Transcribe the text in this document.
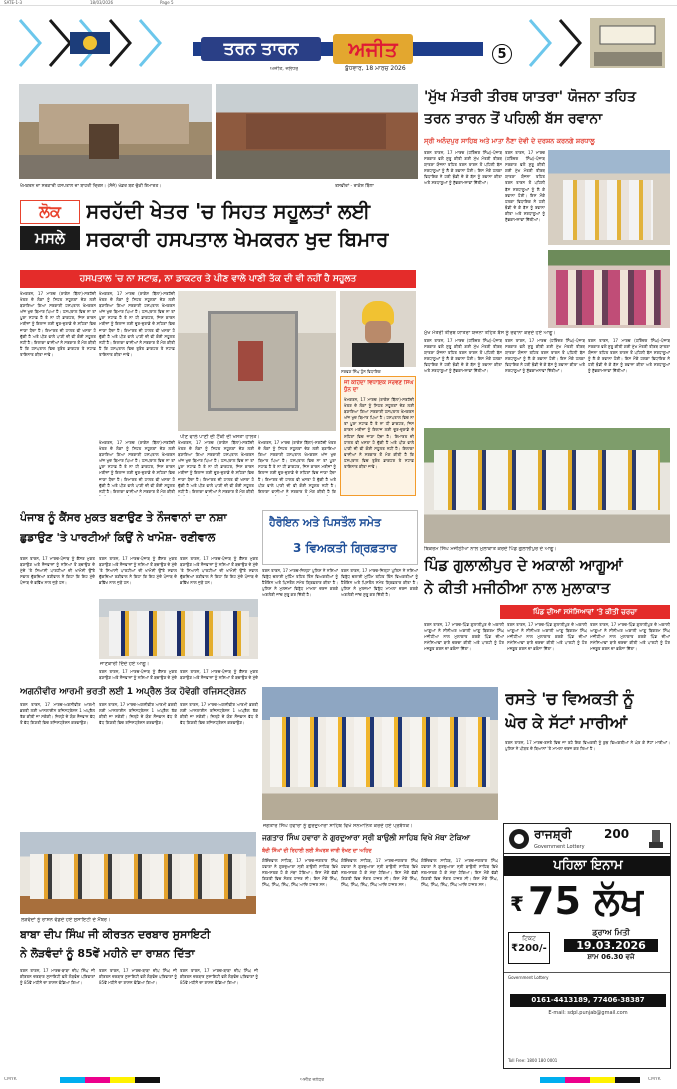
SATE-1-3	18/03/2026	Page 5
ਤਰਨ ਤਾਰਨ	ਅਜੀਤ
ਅਜੀਤ, ਜਲੰਧਰ	ਬੁੱਧਵਾਰ, 18 ਮਾਰਚ 2026
5
ਖੇਮਕਰਨ ਦਾ ਸਰਕਾਰੀ ਹਸਪਤਾਲ ਦਾ ਬਾਹਰੀ ਦ੍ਰਿਸ਼। (ਸੱਜੇ) ਖੰਡਰ ਬਣ ਚੁੱਕੀ ਇਮਾਰਤ।	ਤਸਵੀਰਾਂ - ਰਾਕੇਸ਼ ਬਿੱਲਾ
ਲੋਕ
ਮਸਲੇ
ਸਰਹੱਦੀ ਖੇਤਰ 'ਚ ਸਿਹਤ ਸਹੂਲਤਾਂ ਲਈ
ਸਰਕਾਰੀ ਹਸਪਤਾਲ ਖੇਮਕਰਨ ਖੁਦ ਬਿਮਾਰ
ਹਸਪਤਾਲ 'ਚ ਨਾ ਸਟਾਫ਼, ਨਾ ਡਾਕਟਰ ਤੇ ਪੀਣ ਵਾਲੇ ਪਾਣੀ ਤੱਕ ਦੀ ਵੀ ਨਹੀਂ ਹੈ ਸਹੂਲਤ
ਖੇਮਕਰਨ, 17 ਮਾਰਚ (ਰਾਕੇਸ਼ ਬਿੱਲਾ)-ਸਰਹੱਦੀ ਖੇਤਰ ਦੇ ਲੋਕਾਂ ਨੂੰ ਸਿਹਤ ਸਹੂਲਤਾਂ ਦੇਣ ਲਈ ਬਣਾਇਆ ਗਿਆ ਸਰਕਾਰੀ ਹਸਪਤਾਲ ਖੇਮਕਰਨ ਅੱਜ ਖੁਦ ਬਿਮਾਰ ਪਿਆ ਹੈ। ਹਸਪਤਾਲ ਵਿਚ ਨਾ ਤਾਂ ਪੂਰਾ ਸਟਾਫ਼ ਹੈ ਤੇ ਨਾ ਹੀ ਡਾਕਟਰ, ਜਿਸ ਕਾਰਨ ਮਰੀਜ਼ਾਂ ਨੂੰ ਇਲਾਜ ਲਈ ਦੂਰ-ਦੁਰਾਡੇ ਦੇ ਸ਼ਹਿਰਾਂ ਵਿਚ ਜਾਣਾ ਪੈਂਦਾ ਹੈ। ਇਮਾਰਤ ਦੀ ਹਾਲਤ ਵੀ ਖਸਤਾ ਹੋ ਚੁੱਕੀ ਹੈ ਅਤੇ ਪੀਣ ਵਾਲੇ ਪਾਣੀ ਦੀ ਵੀ ਕੋਈ ਸਹੂਲਤ ਨਹੀਂ ਹੈ। ਇਲਾਕਾ ਵਾਸੀਆਂ ਨੇ ਸਰਕਾਰ ਤੋਂ ਮੰਗ ਕੀਤੀ ਹੈ ਕਿ ਹਸਪਤਾਲ ਵਿਚ ਤੁਰੰਤ ਡਾਕਟਰ ਤੇ ਸਟਾਫ਼ ਤਾਇਨਾਤ ਕੀਤਾ ਜਾਵੇ।
ਖੇਮਕਰਨ, 17 ਮਾਰਚ (ਰਾਕੇਸ਼ ਬਿੱਲਾ)-ਸਰਹੱਦੀ ਖੇਤਰ ਦੇ ਲੋਕਾਂ ਨੂੰ ਸਿਹਤ ਸਹੂਲਤਾਂ ਦੇਣ ਲਈ ਬਣਾਇਆ ਗਿਆ ਸਰਕਾਰੀ ਹਸਪਤਾਲ ਖੇਮਕਰਨ ਅੱਜ ਖੁਦ ਬਿਮਾਰ ਪਿਆ ਹੈ। ਹਸਪਤਾਲ ਵਿਚ ਨਾ ਤਾਂ ਪੂਰਾ ਸਟਾਫ਼ ਹੈ ਤੇ ਨਾ ਹੀ ਡਾਕਟਰ, ਜਿਸ ਕਾਰਨ ਮਰੀਜ਼ਾਂ ਨੂੰ ਇਲਾਜ ਲਈ ਦੂਰ-ਦੁਰਾਡੇ ਦੇ ਸ਼ਹਿਰਾਂ ਵਿਚ ਜਾਣਾ ਪੈਂਦਾ ਹੈ। ਇਮਾਰਤ ਦੀ ਹਾਲਤ ਵੀ ਖਸਤਾ ਹੋ ਚੁੱਕੀ ਹੈ ਅਤੇ ਪੀਣ ਵਾਲੇ ਪਾਣੀ ਦੀ ਵੀ ਕੋਈ ਸਹੂਲਤ ਨਹੀਂ ਹੈ। ਇਲਾਕਾ ਵਾਸੀਆਂ ਨੇ ਸਰਕਾਰ ਤੋਂ ਮੰਗ ਕੀਤੀ ਹੈ ਕਿ ਹਸਪਤਾਲ ਵਿਚ ਤੁਰੰਤ ਡਾਕਟਰ ਤੇ ਸਟਾਫ਼ ਤਾਇਨਾਤ ਕੀਤਾ ਜਾਵੇ।
ਪੀਣ ਵਾਲੇ ਪਾਣੀ ਦੀ ਟੈਂਕੀ ਦੀ ਖਸਤਾ ਹਾਲਤ।
ਖੇਮਕਰਨ, 17 ਮਾਰਚ (ਰਾਕੇਸ਼ ਬਿੱਲਾ)-ਸਰਹੱਦੀ ਖੇਤਰ ਦੇ ਲੋਕਾਂ ਨੂੰ ਸਿਹਤ ਸਹੂਲਤਾਂ ਦੇਣ ਲਈ ਬਣਾਇਆ ਗਿਆ ਸਰਕਾਰੀ ਹਸਪਤਾਲ ਖੇਮਕਰਨ ਅੱਜ ਖੁਦ ਬਿਮਾਰ ਪਿਆ ਹੈ। ਹਸਪਤਾਲ ਵਿਚ ਨਾ ਤਾਂ ਪੂਰਾ ਸਟਾਫ਼ ਹੈ ਤੇ ਨਾ ਹੀ ਡਾਕਟਰ, ਜਿਸ ਕਾਰਨ ਮਰੀਜ਼ਾਂ ਨੂੰ ਇਲਾਜ ਲਈ ਦੂਰ-ਦੁਰਾਡੇ ਦੇ ਸ਼ਹਿਰਾਂ ਵਿਚ ਜਾਣਾ ਪੈਂਦਾ ਹੈ। ਇਮਾਰਤ ਦੀ ਹਾਲਤ ਵੀ ਖਸਤਾ ਹੋ ਚੁੱਕੀ ਹੈ ਅਤੇ ਪੀਣ ਵਾਲੇ ਪਾਣੀ ਦੀ ਵੀ ਕੋਈ ਸਹੂਲਤ ਨਹੀਂ ਹੈ। ਇਲਾਕਾ ਵਾਸੀਆਂ ਨੇ ਸਰਕਾਰ ਤੋਂ ਮੰਗ ਕੀਤੀ
ਖੇਮਕਰਨ, 17 ਮਾਰਚ (ਰਾਕੇਸ਼ ਬਿੱਲਾ)-ਸਰਹੱਦੀ ਖੇਤਰ ਦੇ ਲੋਕਾਂ ਨੂੰ ਸਿਹਤ ਸਹੂਲਤਾਂ ਦੇਣ ਲਈ ਬਣਾਇਆ ਗਿਆ ਸਰਕਾਰੀ ਹਸਪਤਾਲ ਖੇਮਕਰਨ ਅੱਜ ਖੁਦ ਬਿਮਾਰ ਪਿਆ ਹੈ। ਹਸਪਤਾਲ ਵਿਚ ਨਾ ਤਾਂ ਪੂਰਾ ਸਟਾਫ਼ ਹੈ ਤੇ ਨਾ ਹੀ ਡਾਕਟਰ, ਜਿਸ ਕਾਰਨ ਮਰੀਜ਼ਾਂ ਨੂੰ ਇਲਾਜ ਲਈ ਦੂਰ-ਦੁਰਾਡੇ ਦੇ ਸ਼ਹਿਰਾਂ ਵਿਚ ਜਾਣਾ ਪੈਂਦਾ ਹੈ। ਇਮਾਰਤ ਦੀ ਹਾਲਤ ਵੀ ਖਸਤਾ ਹੋ ਚੁੱਕੀ ਹੈ ਅਤੇ ਪੀਣ ਵਾਲੇ ਪਾਣੀ ਦੀ ਵੀ ਕੋਈ ਸਹੂਲਤ ਨਹੀਂ ਹੈ। ਇਲਾਕਾ ਵਾਸੀਆਂ ਨੇ ਸਰਕਾਰ ਤੋਂ ਮੰਗ ਕੀਤੀ
ਖੇਮਕਰਨ, 17 ਮਾਰਚ (ਰਾਕੇਸ਼ ਬਿੱਲਾ)-ਸਰਹੱਦੀ ਖੇਤਰ ਦੇ ਲੋਕਾਂ ਨੂੰ ਸਿਹਤ ਸਹੂਲਤਾਂ ਦੇਣ ਲਈ ਬਣਾਇਆ ਗਿਆ ਸਰਕਾਰੀ ਹਸਪਤਾਲ ਖੇਮਕਰਨ ਅੱਜ ਖੁਦ ਬਿਮਾਰ ਪਿਆ ਹੈ। ਹਸਪਤਾਲ ਵਿਚ ਨਾ ਤਾਂ ਪੂਰਾ ਸਟਾਫ਼ ਹੈ ਤੇ ਨਾ ਹੀ ਡਾਕਟਰ, ਜਿਸ ਕਾਰਨ ਮਰੀਜ਼ਾਂ ਨੂੰ ਇਲਾਜ ਲਈ ਦੂਰ-ਦੁਰਾਡੇ ਦੇ ਸ਼ਹਿਰਾਂ ਵਿਚ ਜਾਣਾ ਪੈਂਦਾ ਹੈ। ਇਮਾਰਤ ਦੀ ਹਾਲਤ ਵੀ ਖਸਤਾ ਹੋ ਚੁੱਕੀ ਹੈ ਅਤੇ ਪੀਣ ਵਾਲੇ ਪਾਣੀ ਦੀ ਵੀ ਕੋਈ ਸਹੂਲਤ ਨਹੀਂ ਹੈ। ਇਲਾਕਾ ਵਾਸੀਆਂ ਨੇ ਸਰਕਾਰ ਤੋਂ ਮੰਗ ਕੀਤੀ ਹੈ ਕਿ
ਸਰਵਣ ਸਿੰਘ ਧੁੰਨ ਵਿਧਾਇਕ
ਜੀ ਕਹਿੰਦਾ ਵਿਧਾਇਕ ਸਰਵਣ ਸਿੰਘ ਧੁੰਨ ਦਾ
ਖੇਮਕਰਨ, 17 ਮਾਰਚ (ਰਾਕੇਸ਼ ਬਿੱਲਾ)-ਸਰਹੱਦੀ ਖੇਤਰ ਦੇ ਲੋਕਾਂ ਨੂੰ ਸਿਹਤ ਸਹੂਲਤਾਂ ਦੇਣ ਲਈ ਬਣਾਇਆ ਗਿਆ ਸਰਕਾਰੀ ਹਸਪਤਾਲ ਖੇਮਕਰਨ ਅੱਜ ਖੁਦ ਬਿਮਾਰ ਪਿਆ ਹੈ। ਹਸਪਤਾਲ ਵਿਚ ਨਾ ਤਾਂ ਪੂਰਾ ਸਟਾਫ਼ ਹੈ ਤੇ ਨਾ ਹੀ ਡਾਕਟਰ, ਜਿਸ ਕਾਰਨ ਮਰੀਜ਼ਾਂ ਨੂੰ ਇਲਾਜ ਲਈ ਦੂਰ-ਦੁਰਾਡੇ ਦੇ ਸ਼ਹਿਰਾਂ ਵਿਚ ਜਾਣਾ ਪੈਂਦਾ ਹੈ। ਇਮਾਰਤ ਦੀ ਹਾਲਤ ਵੀ ਖਸਤਾ ਹੋ ਚੁੱਕੀ ਹੈ ਅਤੇ ਪੀਣ ਵਾਲੇ ਪਾਣੀ ਦੀ ਵੀ ਕੋਈ ਸਹੂਲਤ ਨਹੀਂ ਹੈ। ਇਲਾਕਾ ਵਾਸੀਆਂ ਨੇ ਸਰਕਾਰ ਤੋਂ ਮੰਗ ਕੀਤੀ ਹੈ ਕਿ ਹਸਪਤਾਲ ਵਿਚ ਤੁਰੰਤ ਡਾਕਟਰ ਤੇ ਸਟਾਫ਼ ਤਾਇਨਾਤ ਕੀਤਾ ਜਾਵੇ।
'ਮੁੱਖ ਮੰਤਰੀ ਤੀਰਥ ਯਾਤਰਾ' ਯੋਜਨਾ ਤਹਿਤ
ਤਰਨ ਤਾਰਨ ਤੋਂ ਪਹਿਲੀ ਬੱਸ ਰਵਾਨਾ
ਸ੍ਰੀ ਅਨੰਦਪੁਰ ਸਾਹਿਬ ਅਤੇ ਮਾਤਾ ਨੈਣਾ ਦੇਵੀ ਦੇ ਦਰਸ਼ਨ ਕਰਨਗੇ ਸ਼ਰਧਾਲੂ
ਤਰਨ ਤਾਰਨ, 17 ਮਾਰਚ (ਹਰਿੰਦਰ ਸਿੰਘ)-ਪੰਜਾਬ ਸਰਕਾਰ ਵਲੋਂ ਸ਼ੁਰੂ ਕੀਤੀ ਗਈ ਮੁੱਖ ਮੰਤਰੀ ਤੀਰਥ ਯਾਤਰਾ ਯੋਜਨਾ ਤਹਿਤ ਤਰਨ ਤਾਰਨ ਤੋਂ ਪਹਿਲੀ ਬੱਸ ਸ਼ਰਧਾਲੂਆਂ ਨੂੰ ਲੈ ਕੇ ਰਵਾਨਾ ਹੋਈ। ਇਸ ਮੌਕੇ ਹਲਕਾ ਵਿਧਾਇਕ ਨੇ ਹਰੀ ਝੰਡੀ ਦੇ ਕੇ ਬੱਸ ਨੂੰ ਰਵਾਨਾ ਕੀਤਾ ਅਤੇ ਸ਼ਰਧਾਲੂਆਂ ਨੂੰ ਸ਼ੁੱਭਕਾਮਨਾਵਾਂ ਦਿੱਤੀਆਂ।
ਤਰਨ ਤਾਰਨ, 17 ਮਾਰਚ (ਹਰਿੰਦਰ ਸਿੰਘ)-ਪੰਜਾਬ ਸਰਕਾਰ ਵਲੋਂ ਸ਼ੁਰੂ ਕੀਤੀ ਗਈ ਮੁੱਖ ਮੰਤਰੀ ਤੀਰਥ ਯਾਤਰਾ ਯੋਜਨਾ ਤਹਿਤ ਤਰਨ ਤਾਰਨ ਤੋਂ ਪਹਿਲੀ ਬੱਸ ਸ਼ਰਧਾਲੂਆਂ ਨੂੰ ਲੈ ਕੇ ਰਵਾਨਾ ਹੋਈ। ਇਸ ਮੌਕੇ ਹਲਕਾ ਵਿਧਾਇਕ ਨੇ ਹਰੀ ਝੰਡੀ ਦੇ ਕੇ ਬੱਸ ਨੂੰ ਰਵਾਨਾ ਕੀਤਾ ਅਤੇ ਸ਼ਰਧਾਲੂਆਂ ਨੂੰ ਸ਼ੁੱਭਕਾਮਨਾਵਾਂ ਦਿੱਤੀਆਂ।
ਮੁੱਖ ਮੰਤਰੀ ਤੀਰਥ ਯਾਤਰਾ ਯੋਜਨਾ ਤਹਿਤ ਬੱਸ ਨੂੰ ਰਵਾਨਾ ਕਰਦੇ ਹੋਏ ਆਗੂ।
ਤਰਨ ਤਾਰਨ, 17 ਮਾਰਚ (ਹਰਿੰਦਰ ਸਿੰਘ)-ਪੰਜਾਬ ਸਰਕਾਰ ਵਲੋਂ ਸ਼ੁਰੂ ਕੀਤੀ ਗਈ ਮੁੱਖ ਮੰਤਰੀ ਤੀਰਥ ਯਾਤਰਾ ਯੋਜਨਾ ਤਹਿਤ ਤਰਨ ਤਾਰਨ ਤੋਂ ਪਹਿਲੀ ਬੱਸ ਸ਼ਰਧਾਲੂਆਂ ਨੂੰ ਲੈ ਕੇ ਰਵਾਨਾ ਹੋਈ। ਇਸ ਮੌਕੇ ਹਲਕਾ ਵਿਧਾਇਕ ਨੇ ਹਰੀ ਝੰਡੀ ਦੇ ਕੇ ਬੱਸ ਨੂੰ ਰਵਾਨਾ ਕੀਤਾ ਅਤੇ ਸ਼ਰਧਾਲੂਆਂ ਨੂੰ ਸ਼ੁੱਭਕਾਮਨਾਵਾਂ ਦਿੱਤੀਆਂ।
ਤਰਨ ਤਾਰਨ, 17 ਮਾਰਚ (ਹਰਿੰਦਰ ਸਿੰਘ)-ਪੰਜਾਬ ਸਰਕਾਰ ਵਲੋਂ ਸ਼ੁਰੂ ਕੀਤੀ ਗਈ ਮੁੱਖ ਮੰਤਰੀ ਤੀਰਥ ਯਾਤਰਾ ਯੋਜਨਾ ਤਹਿਤ ਤਰਨ ਤਾਰਨ ਤੋਂ ਪਹਿਲੀ ਬੱਸ ਸ਼ਰਧਾਲੂਆਂ ਨੂੰ ਲੈ ਕੇ ਰਵਾਨਾ ਹੋਈ। ਇਸ ਮੌਕੇ ਹਲਕਾ ਵਿਧਾਇਕ ਨੇ ਹਰੀ ਝੰਡੀ ਦੇ ਕੇ ਬੱਸ ਨੂੰ ਰਵਾਨਾ ਕੀਤਾ ਅਤੇ ਸ਼ਰਧਾਲੂਆਂ ਨੂੰ ਸ਼ੁੱਭਕਾਮਨਾਵਾਂ ਦਿੱਤੀਆਂ।
ਤਰਨ ਤਾਰਨ, 17 ਮਾਰਚ (ਹਰਿੰਦਰ ਸਿੰਘ)-ਪੰਜਾਬ ਸਰਕਾਰ ਵਲੋਂ ਸ਼ੁਰੂ ਕੀਤੀ ਗਈ ਮੁੱਖ ਮੰਤਰੀ ਤੀਰਥ ਯਾਤਰਾ ਯੋਜਨਾ ਤਹਿਤ ਤਰਨ ਤਾਰਨ ਤੋਂ ਪਹਿਲੀ ਬੱਸ ਸ਼ਰਧਾਲੂਆਂ ਨੂੰ ਲੈ ਕੇ ਰਵਾਨਾ ਹੋਈ। ਇਸ ਮੌਕੇ ਹਲਕਾ ਵਿਧਾਇਕ ਨੇ ਹਰੀ ਝੰਡੀ ਦੇ ਕੇ ਬੱਸ ਨੂੰ ਰਵਾਨਾ ਕੀਤਾ ਅਤੇ ਸ਼ਰਧਾਲੂਆਂ ਨੂੰ ਸ਼ੁੱਭਕਾਮਨਾਵਾਂ ਦਿੱਤੀਆਂ।
ਬਿਕਰਮ ਸਿੰਘ ਮਜੀਠੀਆ ਨਾਲ ਮੁਲਾਕਾਤ ਕਰਦੇ ਪਿੰਡ ਗੁਲਾਲੀਪੁਰ ਦੇ ਆਗੂ।
ਪਿੰਡ ਗੁਲਾਲੀਪੁਰ ਦੇ ਅਕਾਲੀ ਆਗੂਆਂ
ਨੇ ਕੀਤੀ ਮਜੀਠੀਆ ਨਾਲ ਮੁਲਾਕਾਤ
ਪਿੰਡ ਦੀਆਂ ਸਮੱਸਿਆਵਾਂ 'ਤੇ ਕੀਤੀ ਚਰਚਾ
ਤਰਨ ਤਾਰਨ, 17 ਮਾਰਚ-ਪਿੰਡ ਗੁਲਾਲੀਪੁਰ ਦੇ ਅਕਾਲੀ ਆਗੂਆਂ ਨੇ ਸੀਨੀਅਰ ਅਕਾਲੀ ਆਗੂ ਬਿਕਰਮ ਸਿੰਘ ਮਜੀਠੀਆ ਨਾਲ ਮੁਲਾਕਾਤ ਕਰਕੇ ਪਿੰਡ ਦੀਆਂ ਸਮੱਸਿਆਵਾਂ ਬਾਰੇ ਚਰਚਾ ਕੀਤੀ ਅਤੇ ਪਾਰਟੀ ਨੂੰ ਹੋਰ ਮਜ਼ਬੂਤ ਕਰਨ ਦਾ ਭਰੋਸਾ ਦਿੱਤਾ।
ਤਰਨ ਤਾਰਨ, 17 ਮਾਰਚ-ਪਿੰਡ ਗੁਲਾਲੀਪੁਰ ਦੇ ਅਕਾਲੀ ਆਗੂਆਂ ਨੇ ਸੀਨੀਅਰ ਅਕਾਲੀ ਆਗੂ ਬਿਕਰਮ ਸਿੰਘ ਮਜੀਠੀਆ ਨਾਲ ਮੁਲਾਕਾਤ ਕਰਕੇ ਪਿੰਡ ਦੀਆਂ ਸਮੱਸਿਆਵਾਂ ਬਾਰੇ ਚਰਚਾ ਕੀਤੀ ਅਤੇ ਪਾਰਟੀ ਨੂੰ ਹੋਰ ਮਜ਼ਬੂਤ ਕਰਨ ਦਾ ਭਰੋਸਾ ਦਿੱਤਾ।
ਤਰਨ ਤਾਰਨ, 17 ਮਾਰਚ-ਪਿੰਡ ਗੁਲਾਲੀਪੁਰ ਦੇ ਅਕਾਲੀ ਆਗੂਆਂ ਨੇ ਸੀਨੀਅਰ ਅਕਾਲੀ ਆਗੂ ਬਿਕਰਮ ਸਿੰਘ ਮਜੀਠੀਆ ਨਾਲ ਮੁਲਾਕਾਤ ਕਰਕੇ ਪਿੰਡ ਦੀਆਂ ਸਮੱਸਿਆਵਾਂ ਬਾਰੇ ਚਰਚਾ ਕੀਤੀ ਅਤੇ ਪਾਰਟੀ ਨੂੰ ਹੋਰ ਮਜ਼ਬੂਤ ਕਰਨ ਦਾ ਭਰੋਸਾ ਦਿੱਤਾ।
ਪੰਜਾਬ ਨੂੰ ਕੈਂਸਰ ਮੁਕਤ ਬਣਾਉਣ ਤੇ ਨੌਜਵਾਨਾਂ ਦਾ ਨਸ਼ਾ
ਛੁਡਾਉਣ 'ਤੇ ਪਾਰਟੀਆਂ ਕਿਉਂ ਨੇ ਖਾਮੋਸ਼- ਰਣੀਵਾਲ
ਤਰਨ ਤਾਰਨ, 17 ਮਾਰਚ-ਪੰਜਾਬ ਨੂੰ ਕੈਂਸਰ ਮੁਕਤ ਬਣਾਉਣ ਅਤੇ ਨੌਜਵਾਨਾਂ ਨੂੰ ਨਸ਼ਿਆਂ ਤੋਂ ਬਚਾਉਣ ਦੇ ਮੁੱਦੇ 'ਤੇ ਸਿਆਸੀ ਪਾਰਟੀਆਂ ਦੀ ਖਾਮੋਸ਼ੀ ਉੱਤੇ ਸਵਾਲ ਚੁੱਕਦਿਆਂ ਰਣੀਵਾਲ ਨੇ ਕਿਹਾ ਕਿ ਇਹ ਮੁੱਦੇ ਪੰਜਾਬ ਦੇ ਭਵਿੱਖ ਨਾਲ ਜੁੜੇ ਹਨ।
ਤਰਨ ਤਾਰਨ, 17 ਮਾਰਚ-ਪੰਜਾਬ ਨੂੰ ਕੈਂਸਰ ਮੁਕਤ ਬਣਾਉਣ ਅਤੇ ਨੌਜਵਾਨਾਂ ਨੂੰ ਨਸ਼ਿਆਂ ਤੋਂ ਬਚਾਉਣ ਦੇ ਮੁੱਦੇ 'ਤੇ ਸਿਆਸੀ ਪਾਰਟੀਆਂ ਦੀ ਖਾਮੋਸ਼ੀ ਉੱਤੇ ਸਵਾਲ ਚੁੱਕਦਿਆਂ ਰਣੀਵਾਲ ਨੇ ਕਿਹਾ ਕਿ ਇਹ ਮੁੱਦੇ ਪੰਜਾਬ ਦੇ ਭਵਿੱਖ ਨਾਲ ਜੁੜੇ ਹਨ।
ਤਰਨ ਤਾਰਨ, 17 ਮਾਰਚ-ਪੰਜਾਬ ਨੂੰ ਕੈਂਸਰ ਮੁਕਤ ਬਣਾਉਣ ਅਤੇ ਨੌਜਵਾਨਾਂ ਨੂੰ ਨਸ਼ਿਆਂ ਤੋਂ ਬਚਾਉਣ ਦੇ ਮੁੱਦੇ 'ਤੇ ਸਿਆਸੀ ਪਾਰਟੀਆਂ ਦੀ ਖਾਮੋਸ਼ੀ ਉੱਤੇ ਸਵਾਲ ਚੁੱਕਦਿਆਂ ਰਣੀਵਾਲ ਨੇ ਕਿਹਾ ਕਿ ਇਹ ਮੁੱਦੇ ਪੰਜਾਬ ਦੇ ਭਵਿੱਖ ਨਾਲ ਜੁੜੇ ਹਨ।
ਜਾਣਕਾਰੀ ਦਿੰਦੇ ਹੋਏ ਆਗੂ।
ਤਰਨ ਤਾਰਨ, 17 ਮਾਰਚ-ਪੰਜਾਬ ਨੂੰ ਕੈਂਸਰ ਮੁਕਤ ਬਣਾਉਣ ਅਤੇ ਨੌਜਵਾਨਾਂ ਨੂੰ ਨਸ਼ਿਆਂ ਤੋਂ ਬਚਾਉਣ ਦੇ ਮੁੱਦੇ
ਤਰਨ ਤਾਰਨ, 17 ਮਾਰਚ-ਪੰਜਾਬ ਨੂੰ ਕੈਂਸਰ ਮੁਕਤ ਬਣਾਉਣ ਅਤੇ ਨੌਜਵਾਨਾਂ ਨੂੰ ਨਸ਼ਿਆਂ ਤੋਂ ਬਚਾਉਣ ਦੇ ਮੁੱਦੇ
ਹੈਰੋਇਨ ਅਤੇ ਪਿਸਤੌਲ ਸਮੇਤ
3 ਵਿਅਕਤੀ ਗ੍ਰਿਫ਼ਤਾਰ
ਤਰਨ ਤਾਰਨ, 17 ਮਾਰਚ-ਜ਼ਿਲ੍ਹਾ ਪੁਲਿਸ ਨੇ ਨਸ਼ਿਆਂ ਵਿਰੁੱਧ ਚਲਾਈ ਮੁਹਿੰਮ ਤਹਿਤ ਤਿੰਨ ਵਿਅਕਤੀਆਂ ਨੂੰ ਹੈਰੋਇਨ ਅਤੇ ਪਿਸਤੌਲ ਸਮੇਤ ਗ੍ਰਿਫ਼ਤਾਰ ਕੀਤਾ ਹੈ। ਪੁਲਿਸ ਨੇ ਮੁਲਜ਼ਮਾਂ ਵਿਰੁੱਧ ਮਾਮਲਾ ਦਰਜ ਕਰਕੇ ਅਗਲੇਰੀ ਜਾਂਚ ਸ਼ੁਰੂ ਕਰ ਦਿੱਤੀ ਹੈ।
ਤਰਨ ਤਾਰਨ, 17 ਮਾਰਚ-ਜ਼ਿਲ੍ਹਾ ਪੁਲਿਸ ਨੇ ਨਸ਼ਿਆਂ ਵਿਰੁੱਧ ਚਲਾਈ ਮੁਹਿੰਮ ਤਹਿਤ ਤਿੰਨ ਵਿਅਕਤੀਆਂ ਨੂੰ ਹੈਰੋਇਨ ਅਤੇ ਪਿਸਤੌਲ ਸਮੇਤ ਗ੍ਰਿਫ਼ਤਾਰ ਕੀਤਾ ਹੈ। ਪੁਲਿਸ ਨੇ ਮੁਲਜ਼ਮਾਂ ਵਿਰੁੱਧ ਮਾਮਲਾ ਦਰਜ ਕਰਕੇ ਅਗਲੇਰੀ ਜਾਂਚ ਸ਼ੁਰੂ ਕਰ ਦਿੱਤੀ ਹੈ।
ਅਗਨੀਵੀਰ ਆਰਮੀ ਭਰਤੀ ਲਈ 1 ਅਪ੍ਰੈਲ ਤੱਕ ਹੋਵੇਗੀ ਰਜਿਸਟ੍ਰੇਸ਼ਨ
ਤਰਨ ਤਾਰਨ, 17 ਮਾਰਚ-ਅਗਨੀਵੀਰ ਆਰਮੀ ਭਰਤੀ ਲਈ ਆਨਲਾਈਨ ਰਜਿਸਟ੍ਰੇਸ਼ਨ 1 ਅਪ੍ਰੈਲ ਤੱਕ ਕੀਤੀ ਜਾ ਸਕੇਗੀ। ਜ਼ਿਲ੍ਹੇ ਦੇ ਯੋਗ ਨੌਜਵਾਨ ਵੱਧ ਤੋਂ ਵੱਧ ਗਿਣਤੀ ਵਿਚ ਰਜਿਸਟ੍ਰੇਸ਼ਨ ਕਰਵਾਉਣ।
ਤਰਨ ਤਾਰਨ, 17 ਮਾਰਚ-ਅਗਨੀਵੀਰ ਆਰਮੀ ਭਰਤੀ ਲਈ ਆਨਲਾਈਨ ਰਜਿਸਟ੍ਰੇਸ਼ਨ 1 ਅਪ੍ਰੈਲ ਤੱਕ ਕੀਤੀ ਜਾ ਸਕੇਗੀ। ਜ਼ਿਲ੍ਹੇ ਦੇ ਯੋਗ ਨੌਜਵਾਨ ਵੱਧ ਤੋਂ ਵੱਧ ਗਿਣਤੀ ਵਿਚ ਰਜਿਸਟ੍ਰੇਸ਼ਨ ਕਰਵਾਉਣ।
ਤਰਨ ਤਾਰਨ, 17 ਮਾਰਚ-ਅਗਨੀਵੀਰ ਆਰਮੀ ਭਰਤੀ ਲਈ ਆਨਲਾਈਨ ਰਜਿਸਟ੍ਰੇਸ਼ਨ 1 ਅਪ੍ਰੈਲ ਤੱਕ ਕੀਤੀ ਜਾ ਸਕੇਗੀ। ਜ਼ਿਲ੍ਹੇ ਦੇ ਯੋਗ ਨੌਜਵਾਨ ਵੱਧ ਤੋਂ ਵੱਧ ਗਿਣਤੀ ਵਿਚ ਰਜਿਸਟ੍ਰੇਸ਼ਨ ਕਰਵਾਉਣ।
ਜਗਤਾਰ ਸਿੰਘ ਹਵਾਰਾ ਨੂੰ ਗੁਰਦੁਆਰਾ ਸਾਹਿਬ ਵਿਖੇ ਸਨਮਾਨਿਤ ਕਰਦੇ ਹੋਏ ਪ੍ਰਬੰਧਕ।
ਰਸਤੇ 'ਚ ਵਿਅਕਤੀ ਨੂੰ
ਘੇਰ ਕੇ ਸੱਟਾਂ ਮਾਰੀਆਂ
ਤਰਨ ਤਾਰਨ, 17 ਮਾਰਚ-ਰਸਤੇ ਵਿਚ ਜਾ ਰਹੇ ਇਕ ਵਿਅਕਤੀ ਨੂੰ ਕੁਝ ਵਿਅਕਤੀਆਂ ਨੇ ਘੇਰ ਕੇ ਸੱਟਾਂ ਮਾਰੀਆਂ। ਪੁਲਿਸ ਨੇ ਪੀੜਤ ਦੇ ਬਿਆਨਾਂ 'ਤੇ ਮਾਮਲਾ ਦਰਜ ਕਰ ਲਿਆ ਹੈ।
ਲੋੜਵੰਦਾਂ ਨੂੰ ਰਾਸ਼ਨ ਵੰਡਦੇ ਹੋਏ ਸੁਸਾਇਟੀ ਦੇ ਮੈਂਬਰ।
ਬਾਬਾ ਦੀਪ ਸਿੰਘ ਜੀ ਕੀਰਤਨ ਦਰਬਾਰ ਸੁਸਾਇਟੀ
ਨੇ ਲੋੜਵੰਦਾਂ ਨੂੰ 85ਵੇਂ ਮਹੀਨੇ ਦਾ ਰਾਸ਼ਨ ਦਿੱਤਾ
ਤਰਨ ਤਾਰਨ, 17 ਮਾਰਚ-ਬਾਬਾ ਦੀਪ ਸਿੰਘ ਜੀ ਕੀਰਤਨ ਦਰਬਾਰ ਸੁਸਾਇਟੀ ਵਲੋਂ ਲੋੜਵੰਦ ਪਰਿਵਾਰਾਂ ਨੂੰ 85ਵੇਂ ਮਹੀਨੇ ਦਾ ਰਾਸ਼ਨ ਵੰਡਿਆ ਗਿਆ।
ਤਰਨ ਤਾਰਨ, 17 ਮਾਰਚ-ਬਾਬਾ ਦੀਪ ਸਿੰਘ ਜੀ ਕੀਰਤਨ ਦਰਬਾਰ ਸੁਸਾਇਟੀ ਵਲੋਂ ਲੋੜਵੰਦ ਪਰਿਵਾਰਾਂ ਨੂੰ 85ਵੇਂ ਮਹੀਨੇ ਦਾ ਰਾਸ਼ਨ ਵੰਡਿਆ ਗਿਆ।
ਤਰਨ ਤਾਰਨ, 17 ਮਾਰਚ-ਬਾਬਾ ਦੀਪ ਸਿੰਘ ਜੀ ਕੀਰਤਨ ਦਰਬਾਰ ਸੁਸਾਇਟੀ ਵਲੋਂ ਲੋੜਵੰਦ ਪਰਿਵਾਰਾਂ ਨੂੰ 85ਵੇਂ ਮਹੀਨੇ ਦਾ ਰਾਸ਼ਨ ਵੰਡਿਆ ਗਿਆ।
ਜਗਤਾਰ ਸਿੰਘ ਹਵਾਰਾ ਨੇ ਗੁਰਦੁਆਰਾ ਸ੍ਰੀ ਬਾਉਲੀ ਸਾਹਿਬ ਵਿਖੇ ਮੱਥਾ ਟੇਕਿਆ
ਬੰਦੀ ਸਿੰਘਾਂ ਦੀ ਰਿਹਾਈ ਲਈ ਸੰਘਰਸ਼ ਜਾਰੀ ਰੱਖਣ ਦਾ ਅਹਿਦ
ਗੋਇੰਦਵਾਲ ਸਾਹਿਬ, 17 ਮਾਰਚ-ਜਗਤਾਰ ਸਿੰਘ ਹਵਾਰਾ ਨੇ ਗੁਰਦੁਆਰਾ ਸ੍ਰੀ ਬਾਉਲੀ ਸਾਹਿਬ ਵਿਖੇ ਨਤਮਸਤਕ ਹੋ ਕੇ ਮੱਥਾ ਟੇਕਿਆ। ਇਸ ਮੌਕੇ ਵੱਡੀ ਗਿਣਤੀ ਵਿਚ ਸੰਗਤ ਹਾਜ਼ਰ ਸੀ। ਇਸ ਮੌਕੇ ਸਿੰਘ, ਸਿੰਘ, ਸਿੰਘ, ਸਿੰਘ, ਸਿੰਘ ਆਦਿ ਹਾਜ਼ਰ ਸਨ।
ਗੋਇੰਦਵਾਲ ਸਾਹਿਬ, 17 ਮਾਰਚ-ਜਗਤਾਰ ਸਿੰਘ ਹਵਾਰਾ ਨੇ ਗੁਰਦੁਆਰਾ ਸ੍ਰੀ ਬਾਉਲੀ ਸਾਹਿਬ ਵਿਖੇ ਨਤਮਸਤਕ ਹੋ ਕੇ ਮੱਥਾ ਟੇਕਿਆ। ਇਸ ਮੌਕੇ ਵੱਡੀ ਗਿਣਤੀ ਵਿਚ ਸੰਗਤ ਹਾਜ਼ਰ ਸੀ। ਇਸ ਮੌਕੇ ਸਿੰਘ, ਸਿੰਘ, ਸਿੰਘ, ਸਿੰਘ, ਸਿੰਘ ਆਦਿ ਹਾਜ਼ਰ ਸਨ।
ਗੋਇੰਦਵਾਲ ਸਾਹਿਬ, 17 ਮਾਰਚ-ਜਗਤਾਰ ਸਿੰਘ ਹਵਾਰਾ ਨੇ ਗੁਰਦੁਆਰਾ ਸ੍ਰੀ ਬਾਉਲੀ ਸਾਹਿਬ ਵਿਖੇ ਨਤਮਸਤਕ ਹੋ ਕੇ ਮੱਥਾ ਟੇਕਿਆ। ਇਸ ਮੌਕੇ ਵੱਡੀ ਗਿਣਤੀ ਵਿਚ ਸੰਗਤ ਹਾਜ਼ਰ ਸੀ। ਇਸ ਮੌਕੇ ਸਿੰਘ, ਸਿੰਘ, ਸਿੰਘ, ਸਿੰਘ, ਸਿੰਘ ਆਦਿ ਹਾਜ਼ਰ ਸਨ।
ਰਾਜਸ਼੍ਰੀ	200
Government Lottery
ਪਹਿਲਾ ਇਨਾਮ
₹ 75 ਲੱਖ
ਟਿਕਟ
₹200/-
ਡ੍ਰਾਅ ਮਿਤੀ
19.03.2026
ਸ਼ਾਮ 06.30 ਵਜੇ
Government Lottery
0161-4413189, 77406-38387
E-mail: sdpl.punjab@gmail.com
Toll Free: 1800 180 0001
CMYK	ਅਜੀਤ ਜਲੰਧਰ	CMYK
